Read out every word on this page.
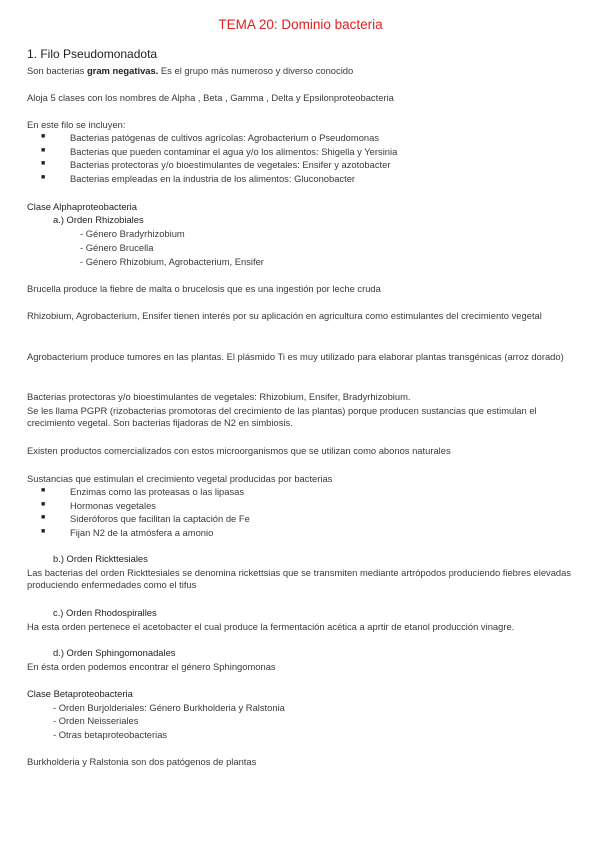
TEMA 20: Dominio bacteria
1. Filo Pseudomonadota
Son bacterias gram negativas. Es el grupo más numeroso y diverso conocido
Aloja 5 clases con los nombres de Alpha , Beta , Gamma , Delta y Epsilonproteobacteria
En este filo se incluyen:
■	Bacterias patógenas de cultivos agrícolas: Agrobacterium o Pseudomonas
■	Bacterias que pueden contaminar el agua y/o los alimentos: Shigella y Yersinia
■	Bacterias protectoras y/o bioestimulantes de vegetales: Ensifer y azotobacter
■	Bacterias empleadas en la industria de los alimentos: Gluconobacter
Clase Alphaproteobacteria
a.) Orden Rhizobiales
- Género Bradyrhizobium
- Género Brucella
- Género Rhizobium, Agrobacterium, Ensifer
Brucella produce la fiebre de malta o brucelosis que es una ingestión por leche cruda
Rhizobium, Agrobacterium, Ensifer tienen interés por su aplicación en agricultura como estimulantes del crecimiento vegetal
Agrobacterium produce tumores en las plantas. El plásmido Ti es muy utilizado para elaborar plantas transgénicas (arroz dorado)
Bacterias protectoras y/o bioestimulantes de vegetales: Rhizobium, Ensifer, Bradyrhizobium.
Se les llama PGPR (rizobacterias promotoras del crecimiento de las plantas) porque producen sustancias que estimulan el crecimiento vegetal. Son bacterias fijadoras de N2 en simbiosis.
Existen productos comercializados con estos microorganismos que se utilizan como abonos naturales
Sustancias que estimulan el crecimiento vegetal producidas por bacterias
■	Enzimas como las proteasas o las lipasas
■	Hormonas vegetales
■	Sideróforos que facilitan la captación de Fe
■	Fijan N2 de la atmósfera a amonio
b.) Orden Rickttesiales
Las bacterias del orden Rickttesiales se denomina rickettsias que se transmiten mediante artrópodos produciendo fiebres elevadas produciendo enfermedades como el tifus
c.) Orden Rhodospiralles
Ha esta orden pertenece el acetobacter el cual produce la fermentación acética a aprtir de etanol producción vinagre.
d.) Orden Sphingomonadales
En ésta orden podemos encontrar el género Sphingomonas
Clase Betaproteobacteria
- Orden Burjolderiales: Género Burkholderia y Ralstonia
- Orden Neisseriales
- Otras betaproteobacterias
Burkholderia y Ralstonia son dos patógenos de plantas
